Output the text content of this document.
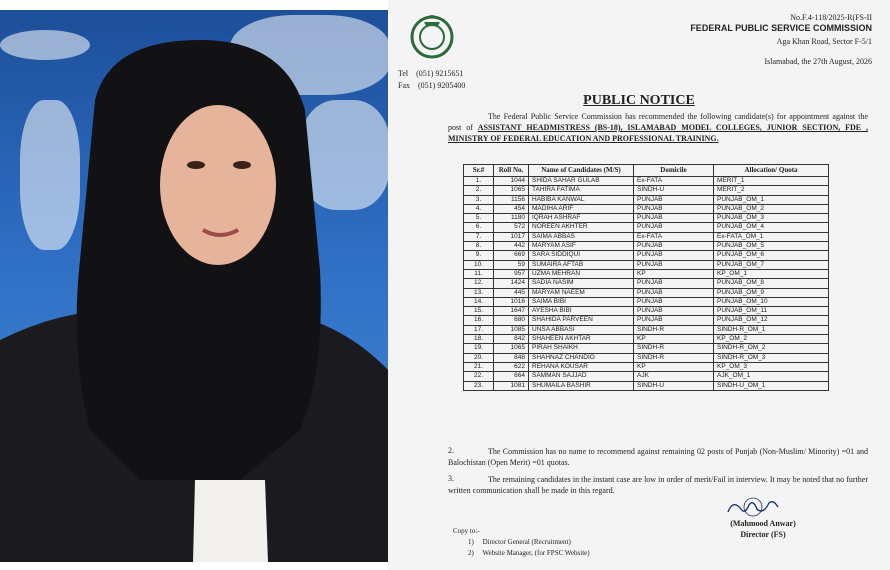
No.F.4-118/2025-R(FS-II
FEDERAL PUBLIC SERVICE COMMISSION
Aga Khan Road, Sector F-5/1
Islamabad, the 27th August, 2026
Tel    (051) 9215651
Fax    (051) 9205400
PUBLIC NOTICE
The Federal Public Service Commission has recommended the following candidate(s) for appointment against the post of ASSISTANT HEADMISTRESS (BS-18), ISLAMABAD MODEL COLLEGES, JUNIOR SECTION, FDE , MINISTRY OF FEDERAL EDUCATION AND PROFESSIONAL TRAINING.
Sr.#	Roll No.	Name of Candidates (M/S)	Domicile	Allocation/ Quota
1.	1044	SHIDA SAHAR GULAB	Ex-FATA	MERIT_1
2.	1065	TAHIRA FATIMA	SINDH-U	MERIT_2
3.	1156	HABIBA KANWAL	PUNJAB	PUNJAB_OM_1
4.	454	MADIHA ARIF	PUNJAB	PUNJAB_OM_2
5.	1180	IQRAH ASHRAF	PUNJAB	PUNJAB_OM_3
6.	572	NOREEN AKHTER	PUNJAB	PUNJAB_OM_4
7.	1017	SAIMA ABBAS	Ex-FATA	Ex-FATA_OM_1
8.	442	MARYAM ASIF	PUNJAB	PUNJAB_OM_5
9.	669	SARA SIDDIQUI	PUNJAB	PUNJAB_OM_6
10.	59	SUMAIRA AFTAB	PUNJAB	PUNJAB_OM_7
11.	957	UZMA MEHRAN	KP	KP_OM_1
12.	1424	SADIA NASIM	PUNJAB	PUNJAB_OM_8
13.	445	MARYAM NAEEM	PUNJAB	PUNJAB_OM_9
14.	1016	SAIMA BIBI	PUNJAB	PUNJAB_OM_10
15.	1647	AYESHA BIBI	PUNJAB	PUNJAB_OM_11
16.	680	SHAHIDA PARVEEN	PUNJAB	PUNJAB_OM_12
17.	1085	UNSA ABBASI	SINDH-R	SINDH-R_OM_1
18.	842	SHAHEEN AKHTAR	KP	KP_OM_2
19.	1065	PIRAH SHAIKH	SINDH-R	SINDH-R_OM_2
20.	848	SHAHNAZ CHANDIO	SINDH-R	SINDH-R_OM_3
21.	622	REHANA KOUSAR	KP	KP_OM_3
22.	664	SAMMAN SAJJAD	AJK	AJK_OM_1
23.	1081	SHUMAILA BASHIR	SINDH-U	SINDH-U_OM_1
2.	The Commission has no name to recommend against remaining 02 posts of Punjab (Non-Muslim/ Minority) =01 and Balochistan (Open Merit) =01 quotas.
3.	The remaining candidates in the instant case are low in order of merit/Fail in interview. It may be noted that no further written communication shall be made in this regard.
(Mahmood Anwar)
Director (FS)
Copy to:-
1)     Director General (Recruitment)
2)     Website Manager, (for FPSC Website)
